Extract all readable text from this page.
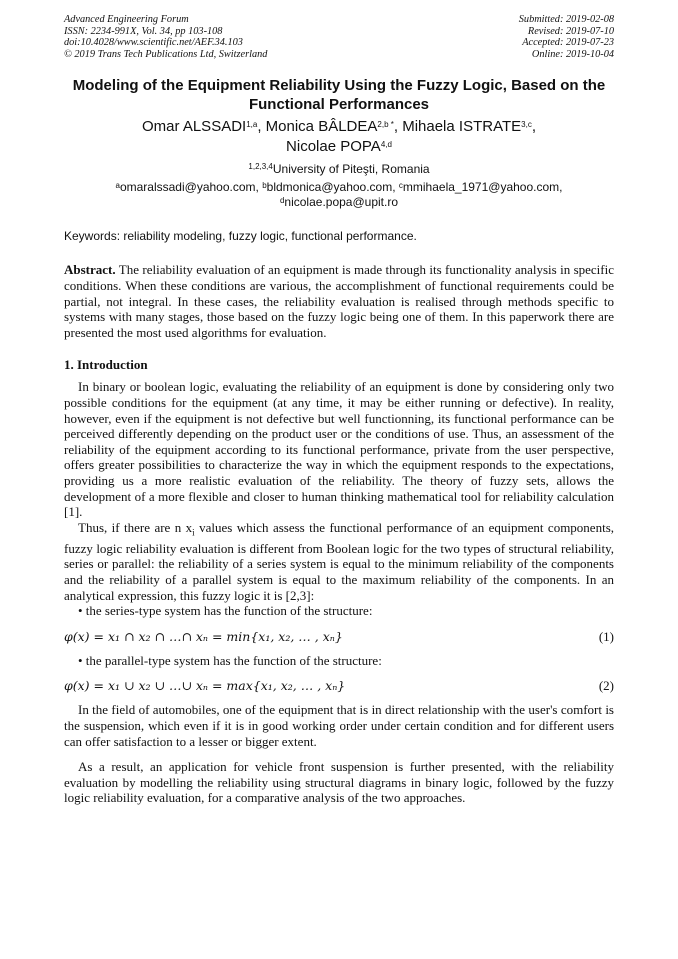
Advanced Engineering Forum
ISSN: 2234-991X, Vol. 34, pp 103-108
doi:10.4028/www.scientific.net/AEF.34.103
© 2019 Trans Tech Publications Ltd, Switzerland
Submitted: 2019-02-08
Revised: 2019-07-10
Accepted: 2019-07-23
Online: 2019-10-04
Modeling of the Equipment Reliability Using the Fuzzy Logic, Based on the Functional Performances
Omar ALSSADI$^{1,a}$, Monica $BÂLDEA^{2,b *}$, Mihaela ISTRATE$^{3,c}$,
Nicolae POPA$^{4,d}$
$^{1,2,3,4}$University of Piteşti, Romania
$^a$omaralssadi@yahoo.com, $^b$bldmonica@yahoo.com, $^c$mmihaela_1971@yahoo.com,
$^d$nicolae.popa@upit.ro
Keywords: reliability modeling, fuzzy logic, functional performance.
Abstract. The reliability evaluation of an equipment is made through its functionality analysis in specific conditions. When these conditions are various, the accomplishment of functional requirements could be partial, not integral. In these cases, the reliability evaluation is realised through methods specific to systems with many stages, those based on the fuzzy logic being one of them. In this paperwork there are presented the most used algorithms for evaluation.
1. Introduction

In binary or boolean logic, evaluating the reliability of an equipment is done by considering only two possible conditions for the equipment (at any time, it may be either running or defective). In reality, however, even if the equipment is not defective but well functionning, its functional performance can be perceived differently depending on the product user or the conditions of use. Thus, an assessment of the reliability of the equipment according to its functional performance, private from the user perspective, offers greater possibilities to characterize the way in which the equipment responds to the expectations, providing us a more realistic evaluation of the reliability. The theory of fuzzy sets, allows the development of a more flexible and closer to human thinking mathematical tool for reliability calculation [1].

Thus, if there are n $x_i$ values which assess the functional performance of an equipment components, fuzzy logic reliability evaluation is different from Boolean logic for the two types of structural reliability, series or parallel: the reliability of a series system is equal to the minimum reliability of the components and the reliability of a parallel system is equal to the maximum reliability of the components. In an analytical expression, this fuzzy logic it is [2,3]:

• the series-type system has the function of the structure:
φ(x) = x₁ ∩ x₂ ∩ …∩ xₙ = min{x₁, x₂, … , xₙ}	(1)
• the parallel-type system has the function of the structure:
φ(x) = x₁ ∪ x₂ ∪ …∪ xₙ = max{x₁, x₂, … , xₙ}	(2)

In the field of automobiles, one of the equipment that is in direct relationship with the user's comfort is the suspension, which even if it is in good working order under certain condition and for different users can offer satisfaction to a lesser or bigger extent.

As a result, an application for vehicle front suspension is further presented, with the reliability evaluation by modelling the reliability using structural diagrams in binary logic, followed by the fuzzy logic reliability evaluation, for a comparative analysis of the two approaches.
